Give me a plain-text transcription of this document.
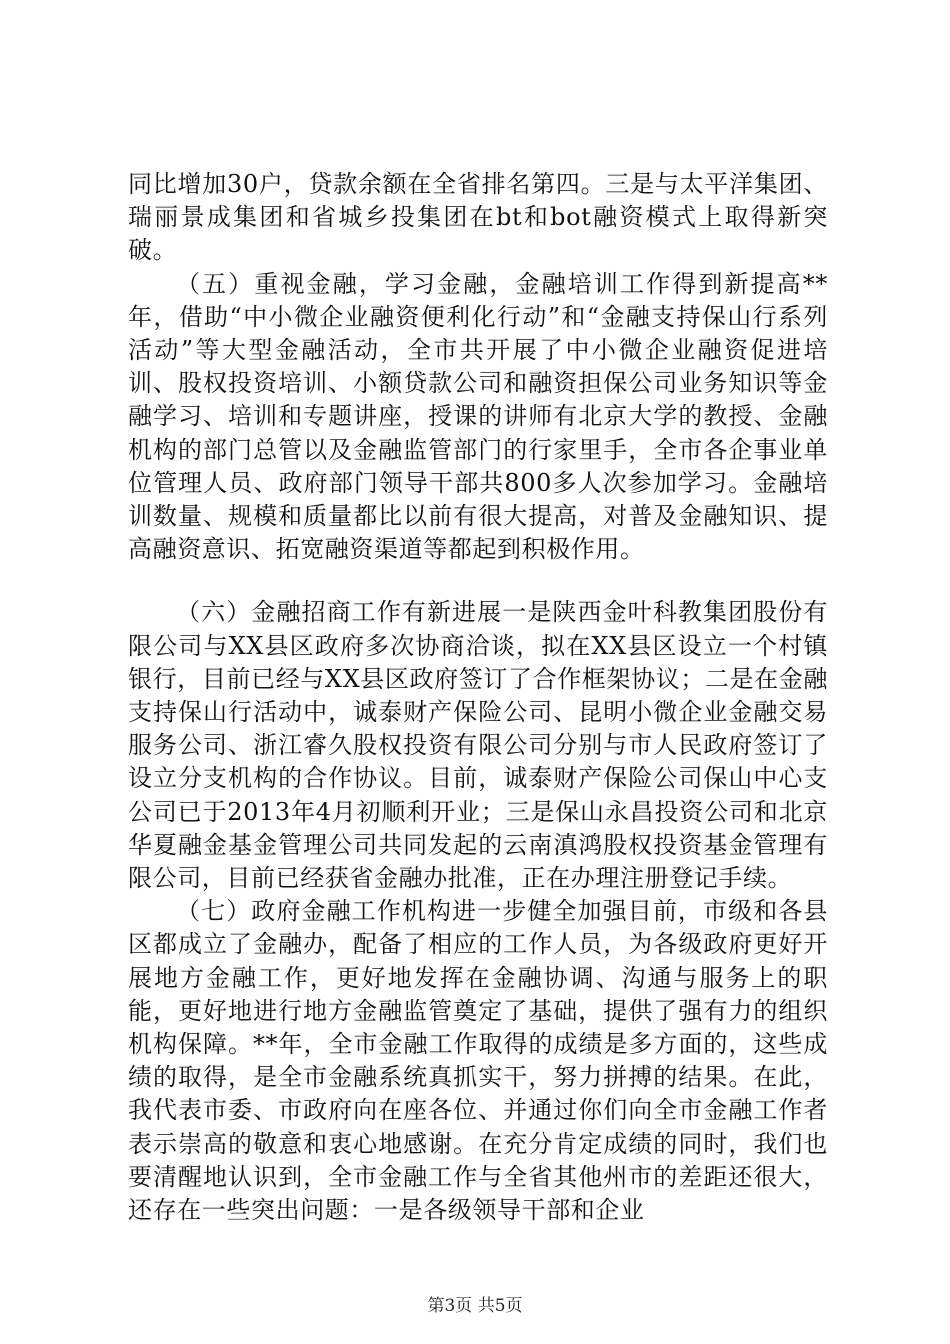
同比增加30户，贷款余额在全省排名第四。三是与太平洋集团、瑞丽景成集团和省城乡投集团在bt和bot融资模式上取得新突破。

（五）重视金融，学习金融，金融培训工作得到新提高**年，借助“中小微企业融资便利化行动”和“金融支持保山行系列活动”等大型金融活动，全市共开展了中小微企业融资促进培训、股权投资培训、小额贷款公司和融资担保公司业务知识等金融学习、培训和专题讲座，授课的讲师有北京大学的教授、金融机构的部门总管以及金融监管部门的行家里手，全市各企事业单位管理人员、政府部门领导干部共800多人次参加学习。金融培训数量、规模和质量都比以前有很大提高，对普及金融知识、提高融资意识、拓宽融资渠道等都起到积极作用。

（六）金融招商工作有新进展一是陕西金叶科教集团股份有限公司与XX县区政府多次协商洽谈，拟在XX县区设立一个村镇银行，目前已经与XX县区政府签订了合作框架协议；二是在金融支持保山行活动中，诚泰财产保险公司、昆明小微企业金融交易服务公司、浙江睿久股权投资有限公司分别与市人民政府签订了设立分支机构的合作协议。目前，诚泰财产保险公司保山中心支公司已于2013年4月初顺利开业；三是保山永昌投资公司和北京华夏融金基金管理公司共同发起的云南滇鸿股权投资基金管理有限公司，目前已经获省金融办批准，正在办理注册登记手续。

（七）政府金融工作机构进一步健全加强目前，市级和各县区都成立了金融办，配备了相应的工作人员，为各级政府更好开展地方金融工作，更好地发挥在金融协调、沟通与服务上的职能，更好地进行地方金融监管奠定了基础，提供了强有力的组织机构保障。**年，全市金融工作取得的成绩是多方面的，这些成绩的取得，是全市金融系统真抓实干，努力拼搏的结果。在此，我代表市委、市政府向在座各位、并通过你们向全市金融工作者表示崇高的敬意和衷心地感谢。在充分肯定成绩的同时，我们也要清醒地认识到，全市金融工作与全省其他州市的差距还很大，还存在一些突出问题：一是各级领导干部和企业

第3页 共5页
